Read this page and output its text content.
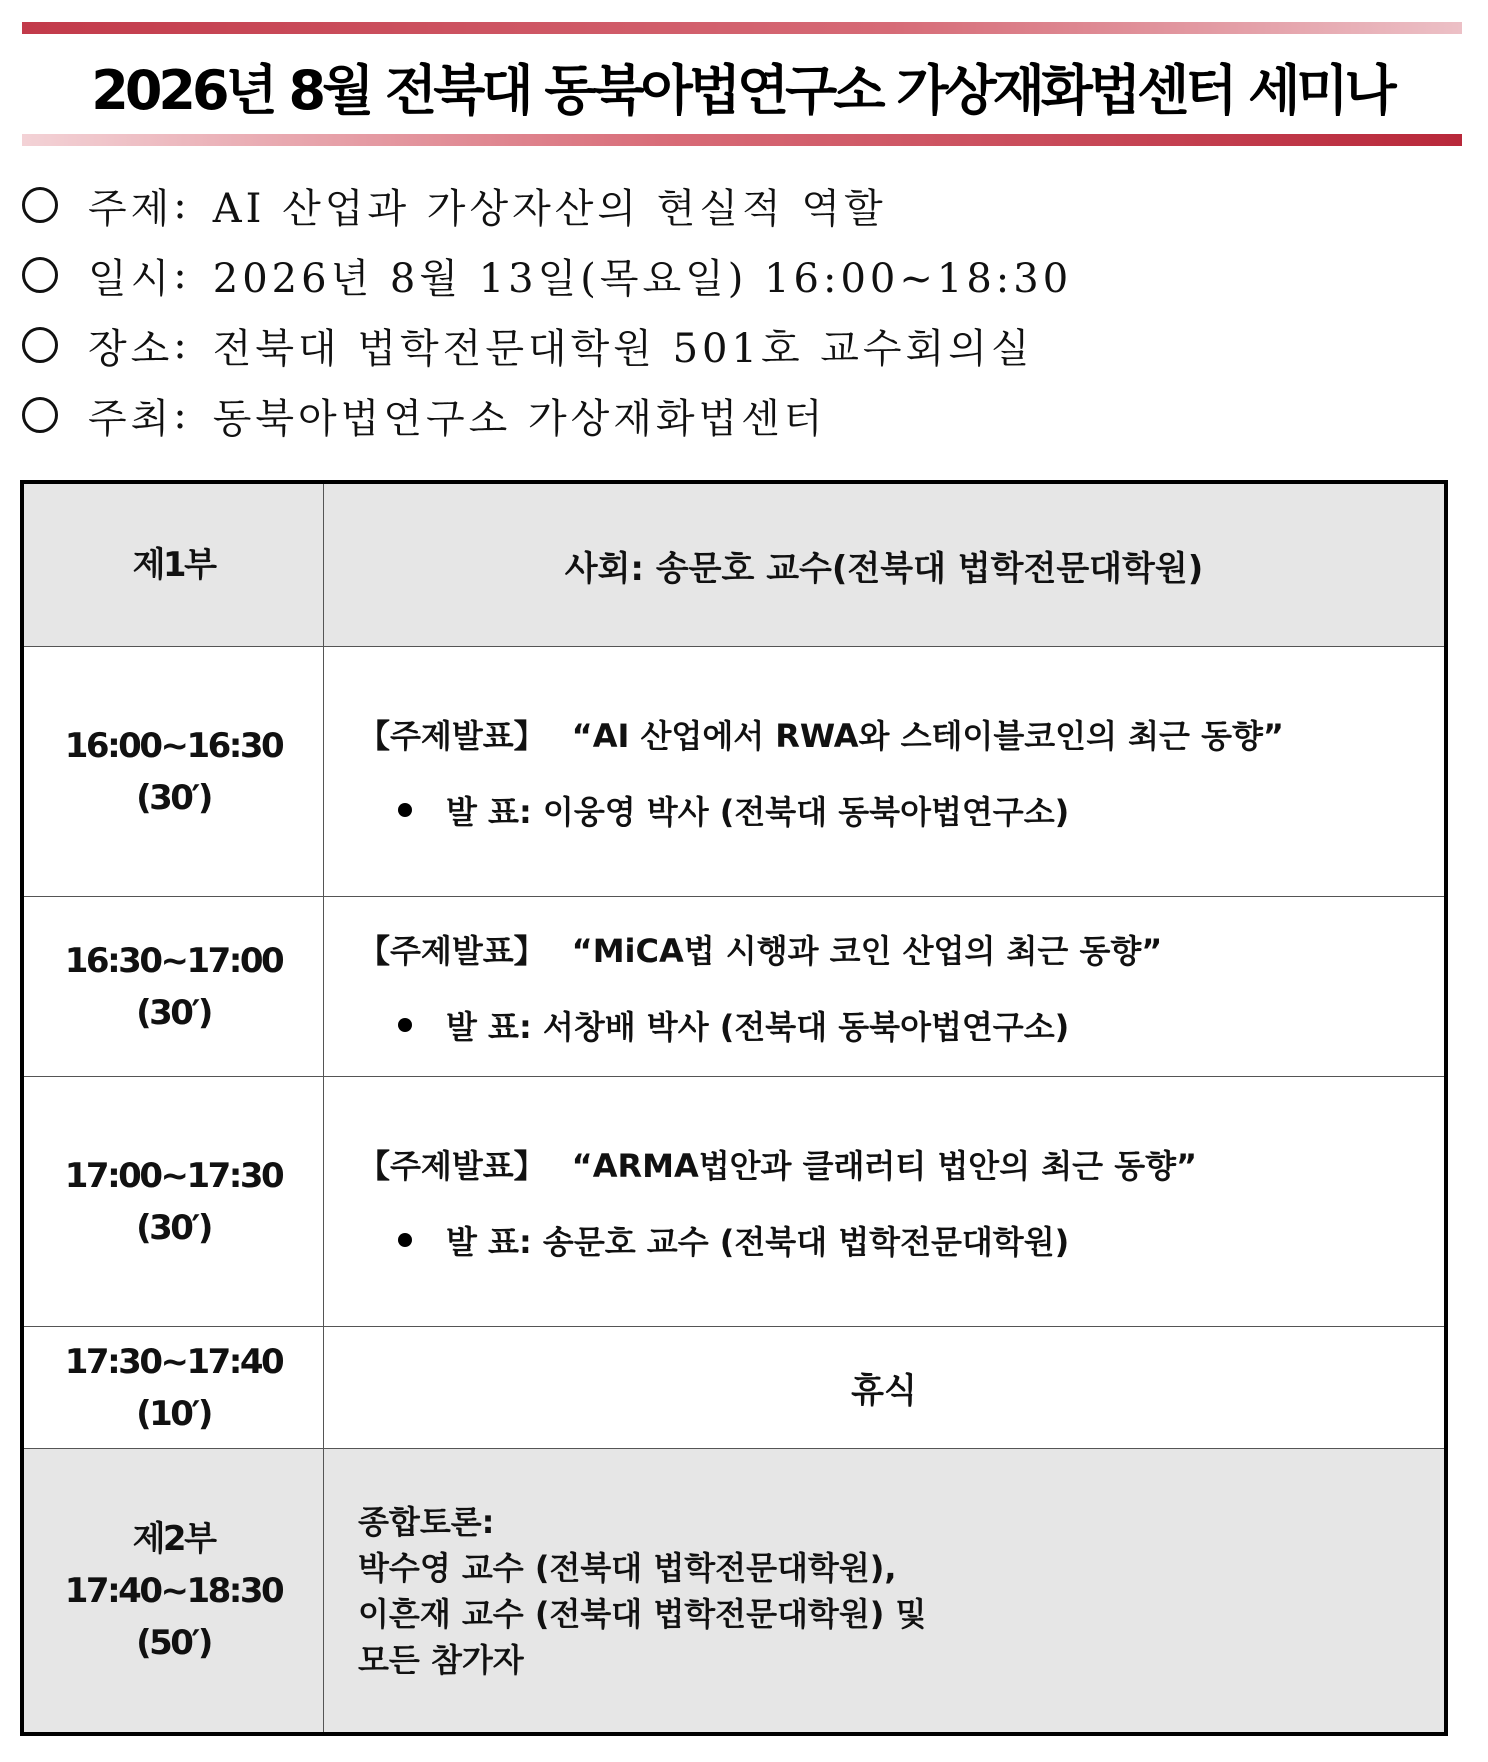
2026년 8월 전북대 동북아법연구소 가상재화법센터 세미나
주제 : AI 산업과 가상자산의 현실적 역할
일시 : 2026년 8월 13일(목요일) 16:00~18:30
장소 : 전북대 법학전문대학원 501호 교수회의실
주최 : 동북아법연구소 가상재화법센터
제1부	사회: 송문호 교수(전북대 법학전문대학원)
16:00~16:30
(30′)
【주제발표】 “AI 산업에서 RWA와 스테이블코인의 최근 동향”
발 표: 이웅영 박사 (전북대 동북아법연구소)
16:30~17:00
(30′)
【주제발표】 “MiCA법 시행과 코인 산업의 최근 동향”
발 표: 서창배 박사 (전북대 동북아법연구소)
17:00~17:30
(30′)
【주제발표】 “ARMA법안과 클래러티 법안의 최근 동향”
발 표: 송문호 교수 (전북대 법학전문대학원)
17:30~17:40
(10′)
휴식
제2부
17:40~18:30
(50′)
종합토론:
박수영 교수 (전북대 법학전문대학원),
이흔재 교수 (전북대 법학전문대학원) 및
모든 참가자
